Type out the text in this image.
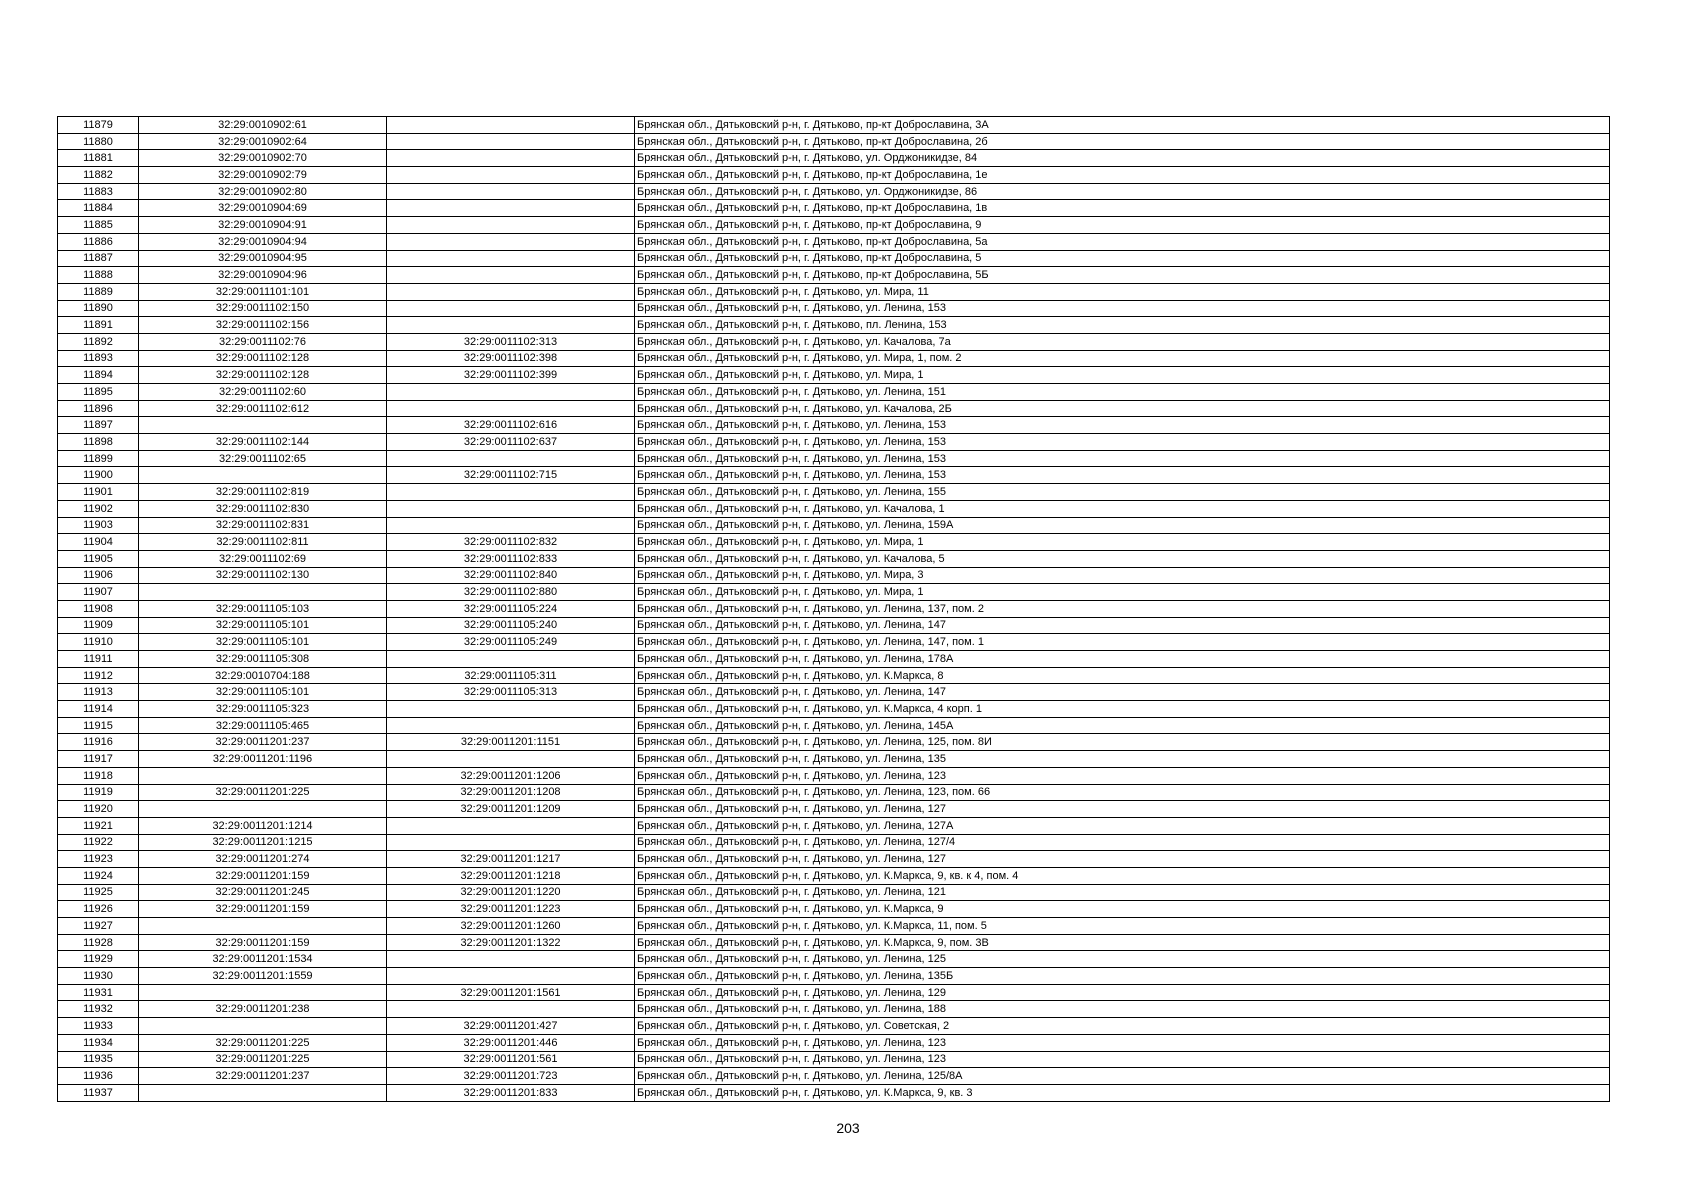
11879	32:29:0010902:61		Брянская обл., Дятьковский р-н, г. Дятьково, пр-кт Доброславина, 3А
11880	32:29:0010902:64		Брянская обл., Дятьковский р-н, г. Дятьково, пр-кт Доброславина, 2б
11881	32:29:0010902:70		Брянская обл., Дятьковский р-н, г. Дятьково, ул. Орджоникидзе, 84
11882	32:29:0010902:79		Брянская обл., Дятьковский р-н, г. Дятьково, пр-кт Доброславина, 1е
11883	32:29:0010902:80		Брянская обл., Дятьковский р-н, г. Дятьково, ул. Орджоникидзе, 86
11884	32:29:0010904:69		Брянская обл., Дятьковский р-н, г. Дятьково, пр-кт Доброславина, 1в
11885	32:29:0010904:91		Брянская обл., Дятьковский р-н, г. Дятьково, пр-кт Доброславина, 9
11886	32:29:0010904:94		Брянская обл., Дятьковский р-н, г. Дятьково, пр-кт Доброславина, 5а
11887	32:29:0010904:95		Брянская обл., Дятьковский р-н, г. Дятьково, пр-кт Доброславина, 5
11888	32:29:0010904:96		Брянская обл., Дятьковский р-н, г. Дятьково, пр-кт Доброславина, 5Б
11889	32:29:0011101:101		Брянская обл., Дятьковский р-н, г. Дятьково, ул. Мира, 11
11890	32:29:0011102:150		Брянская обл., Дятьковский р-н, г. Дятьково, ул. Ленина, 153
11891	32:29:0011102:156		Брянская обл., Дятьковский р-н, г. Дятьково, пл. Ленина, 153
11892	32:29:0011102:76	32:29:0011102:313	Брянская обл., Дятьковский р-н, г. Дятьково, ул. Качалова, 7а
11893	32:29:0011102:128	32:29:0011102:398	Брянская обл., Дятьковский р-н, г. Дятьково, ул. Мира, 1, пом. 2
11894	32:29:0011102:128	32:29:0011102:399	Брянская обл., Дятьковский р-н, г. Дятьково, ул. Мира, 1
11895	32:29:0011102:60		Брянская обл., Дятьковский р-н, г. Дятьково, ул. Ленина, 151
11896	32:29:0011102:612		Брянская обл., Дятьковский р-н, г. Дятьково, ул. Качалова, 2Б
11897		32:29:0011102:616	Брянская обл., Дятьковский р-н, г. Дятьково, ул. Ленина, 153
11898	32:29:0011102:144	32:29:0011102:637	Брянская обл., Дятьковский р-н, г. Дятьково, ул. Ленина, 153
11899	32:29:0011102:65		Брянская обл., Дятьковский р-н, г. Дятьково, ул. Ленина, 153
11900		32:29:0011102:715	Брянская обл., Дятьковский р-н, г. Дятьково, ул. Ленина, 153
11901	32:29:0011102:819		Брянская обл., Дятьковский р-н, г. Дятьково, ул. Ленина, 155
11902	32:29:0011102:830		Брянская обл., Дятьковский р-н, г. Дятьково, ул. Качалова, 1
11903	32:29:0011102:831		Брянская обл., Дятьковский р-н, г. Дятьково, ул. Ленина, 159А
11904	32:29:0011102:811	32:29:0011102:832	Брянская обл., Дятьковский р-н, г. Дятьково, ул. Мира, 1
11905	32:29:0011102:69	32:29:0011102:833	Брянская обл., Дятьковский р-н, г. Дятьково, ул. Качалова, 5
11906	32:29:0011102:130	32:29:0011102:840	Брянская обл., Дятьковский р-н, г. Дятьково, ул. Мира, 3
11907		32:29:0011102:880	Брянская обл., Дятьковский р-н, г. Дятьково, ул. Мира, 1
11908	32:29:0011105:103	32:29:0011105:224	Брянская обл., Дятьковский р-н, г. Дятьково, ул. Ленина, 137, пом. 2
11909	32:29:0011105:101	32:29:0011105:240	Брянская обл., Дятьковский р-н, г. Дятьково, ул. Ленина, 147
11910	32:29:0011105:101	32:29:0011105:249	Брянская обл., Дятьковский р-н, г. Дятьково, ул. Ленина, 147, пом. 1
11911	32:29:0011105:308		Брянская обл., Дятьковский р-н, г. Дятьково, ул. Ленина, 178А
11912	32:29:0010704:188	32:29:0011105:311	Брянская обл., Дятьковский р-н, г. Дятьково, ул. К.Маркса, 8
11913	32:29:0011105:101	32:29:0011105:313	Брянская обл., Дятьковский р-н, г. Дятьково, ул. Ленина, 147
11914	32:29:0011105:323		Брянская обл., Дятьковский р-н, г. Дятьково, ул. К.Маркса, 4 корп. 1
11915	32:29:0011105:465		Брянская обл., Дятьковский р-н, г. Дятьково, ул. Ленина, 145А
11916	32:29:0011201:237	32:29:0011201:1151	Брянская обл., Дятьковский р-н, г. Дятьково, ул. Ленина, 125, пом. 8И
11917	32:29:0011201:1196		Брянская обл., Дятьковский р-н, г. Дятьково, ул. Ленина, 135
11918		32:29:0011201:1206	Брянская обл., Дятьковский р-н, г. Дятьково, ул. Ленина, 123
11919	32:29:0011201:225	32:29:0011201:1208	Брянская обл., Дятьковский р-н, г. Дятьково, ул. Ленина, 123, пом. 66
11920		32:29:0011201:1209	Брянская обл., Дятьковский р-н, г. Дятьково, ул. Ленина, 127
11921	32:29:0011201:1214		Брянская обл., Дятьковский р-н, г. Дятьково, ул. Ленина, 127А
11922	32:29:0011201:1215		Брянская обл., Дятьковский р-н, г. Дятьково, ул. Ленина, 127/4
11923	32:29:0011201:274	32:29:0011201:1217	Брянская обл., Дятьковский р-н, г. Дятьково, ул. Ленина, 127
11924	32:29:0011201:159	32:29:0011201:1218	Брянская обл., Дятьковский р-н, г. Дятьково, ул. К.Маркса, 9, кв. к 4, пом. 4
11925	32:29:0011201:245	32:29:0011201:1220	Брянская обл., Дятьковский р-н, г. Дятьково, ул. Ленина, 121
11926	32:29:0011201:159	32:29:0011201:1223	Брянская обл., Дятьковский р-н, г. Дятьково, ул. К.Маркса, 9
11927		32:29:0011201:1260	Брянская обл., Дятьковский р-н, г. Дятьково, ул. К.Маркса, 11, пом. 5
11928	32:29:0011201:159	32:29:0011201:1322	Брянская обл., Дятьковский р-н, г. Дятьково, ул. К.Маркса, 9, пом. 3В
11929	32:29:0011201:1534		Брянская обл., Дятьковский р-н, г. Дятьково, ул. Ленина, 125
11930	32:29:0011201:1559		Брянская обл., Дятьковский р-н, г. Дятьково, ул. Ленина, 135Б
11931		32:29:0011201:1561	Брянская обл., Дятьковский р-н, г. Дятьково, ул. Ленина, 129
11932	32:29:0011201:238		Брянская обл., Дятьковский р-н, г. Дятьково, ул. Ленина, 188
11933		32:29:0011201:427	Брянская обл., Дятьковский р-н, г. Дятьково, ул. Советская, 2
11934	32:29:0011201:225	32:29:0011201:446	Брянская обл., Дятьковский р-н, г. Дятьково, ул. Ленина, 123
11935	32:29:0011201:225	32:29:0011201:561	Брянская обл., Дятьковский р-н, г. Дятьково, ул. Ленина, 123
11936	32:29:0011201:237	32:29:0011201:723	Брянская обл., Дятьковский р-н, г. Дятьково, ул. Ленина, 125/8А
11937		32:29:0011201:833	Брянская обл., Дятьковский р-н, г. Дятьково, ул. К.Маркса, 9, кв. 3
203
